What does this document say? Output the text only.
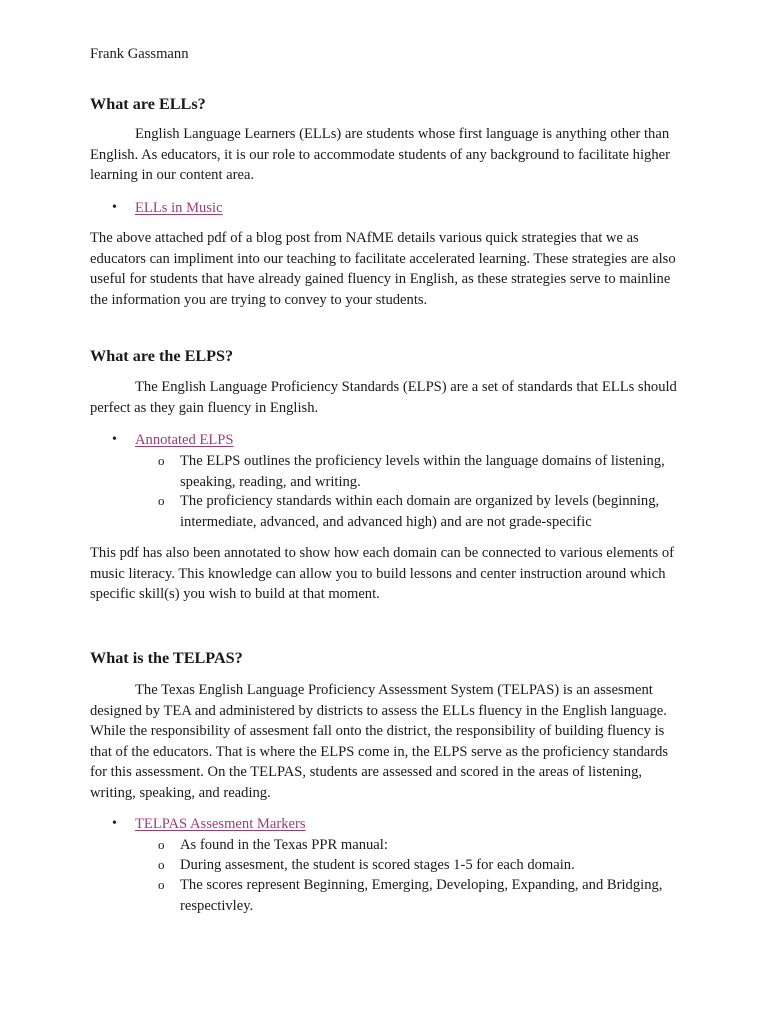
Frank Gassmann
What are ELLs?

English Language Learners (ELLs) are students whose first language is anything other than English. As educators, it is our role to accommodate students of any background to facilitate higher learning in our content area.

• ELLs in Music

The above attached pdf of a blog post from NAfME details various quick strategies that we as educators can impliment into our teaching to facilitate accelerated learning. These strategies are also useful for students that have already gained fluency in English, as these strategies serve to mainline the information you are trying to convey to your students.

What are the ELPS?

The English Language Proficiency Standards (ELPS) are a set of standards that ELLs should perfect as they gain fluency in English.

• Annotated ELPS
o The ELPS outlines the proficiency levels within the language domains of listening, speaking, reading, and writing.
o The proficiency standards within each domain are organized by levels (beginning, intermediate, advanced, and advanced high) and are not grade-specific

This pdf has also been annotated to show how each domain can be connected to various elements of music literacy. This knowledge can allow you to build lessons and center instruction around which specific skill(s) you wish to build at that moment.

What is the TELPAS?

The Texas English Language Proficiency Assessment System (TELPAS) is an assesment designed by TEA and administered by districts to assess the ELLs fluency in the English language. While the responsibility of assesment fall onto the district, the responsibility of building fluency is that of the educators. That is where the ELPS come in, the ELPS serve as the proficiency standards for this assessment. On the TELPAS, students are assessed and scored in the areas of listening, writing, speaking, and reading.

• TELPAS Assesment Markers
o As found in the Texas PPR manual:
o During assesment, the student is scored stages 1-5 for each domain.
o The scores represent Beginning, Emerging, Developing, Expanding, and Bridging, respectivley.
